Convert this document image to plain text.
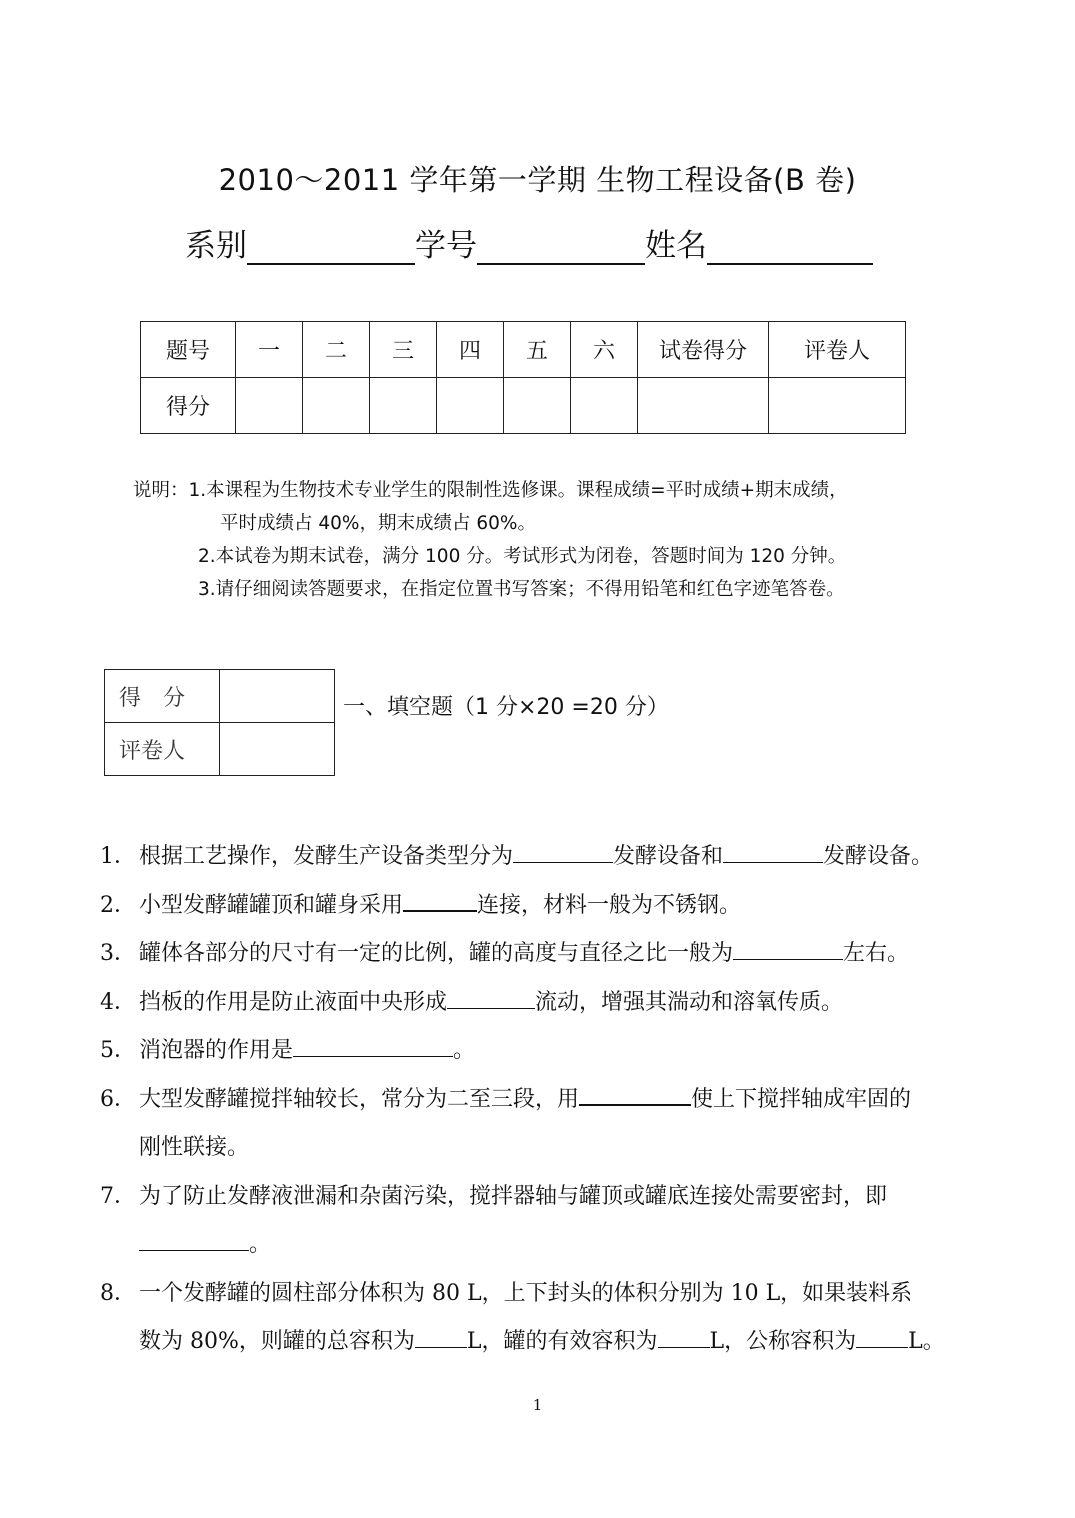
2010～2011 学年第一学期 生物工程设备(B 卷)
系别	学号	姓名
题号	一	二	三	四	五	六	试卷得分	评卷人
得分								
说明：1.本课程为生物技术专业学生的限制性选修课。课程成绩=平时成绩+期末成绩，
平时成绩占 40%，期末成绩占 60%。
2.本试卷为期末试卷，满分 100 分。考试形式为闭卷，答题时间为 120 分钟。
3.请仔细阅读答题要求，在指定位置书写答案；不得用铅笔和红色字迹笔答卷。
得　分	
评卷人	
一、填空题（1 分×20 =20 分）
1． 根据工艺操作，发酵生产设备类型分为	发酵设备和	发酵设备。
2． 小型发酵罐罐顶和罐身采用	连接，材料一般为不锈钢。
3． 罐体各部分的尺寸有一定的比例，罐的高度与直径之比一般为	左右。
4． 挡板的作用是防止液面中央形成	流动，增强其湍动和溶氧传质。
5． 消泡器的作用是	。
6． 大型发酵罐搅拌轴较长，常分为二至三段，用	使上下搅拌轴成牢固的
刚性联接。
7． 为了防止发酵液泄漏和杂菌污染，搅拌器轴与罐顶或罐底连接处需要密封，即
。
8． 一个发酵罐的圆柱部分体积为 80 L，上下封头的体积分别为 10 L，如果装料系
数为 80%，则罐的总容积为 L，罐的有效容积为 L，公称容积为 L。
1
